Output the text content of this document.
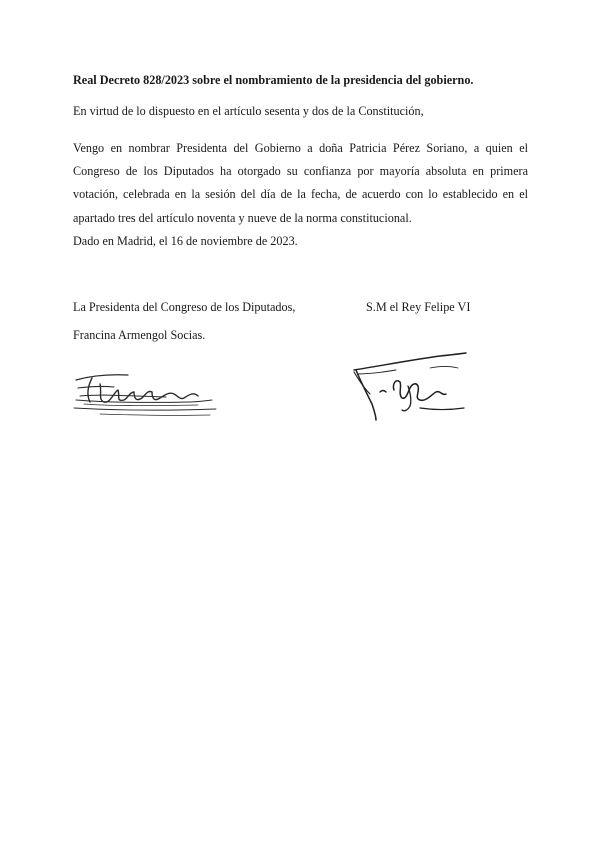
Real Decreto 828/2023 sobre el nombramiento de la presidencia del gobierno.
En virtud de lo dispuesto en el artículo sesenta y dos de la Constitución,
Vengo en nombrar Presidenta del Gobierno a doña Patricia Pérez Soriano, a quien el Congreso de los Diputados ha otorgado su confianza por mayoría absoluta en primera votación, celebrada en la sesión del día de la fecha, de acuerdo con lo establecido en el apartado tres del artículo noventa y nueve de la norma constitucional.
Dado en Madrid, el 16 de noviembre de 2023.
La Presidenta del Congreso de los Diputados,
Francina Armengol Socias.
S.M el Rey Felipe VI
